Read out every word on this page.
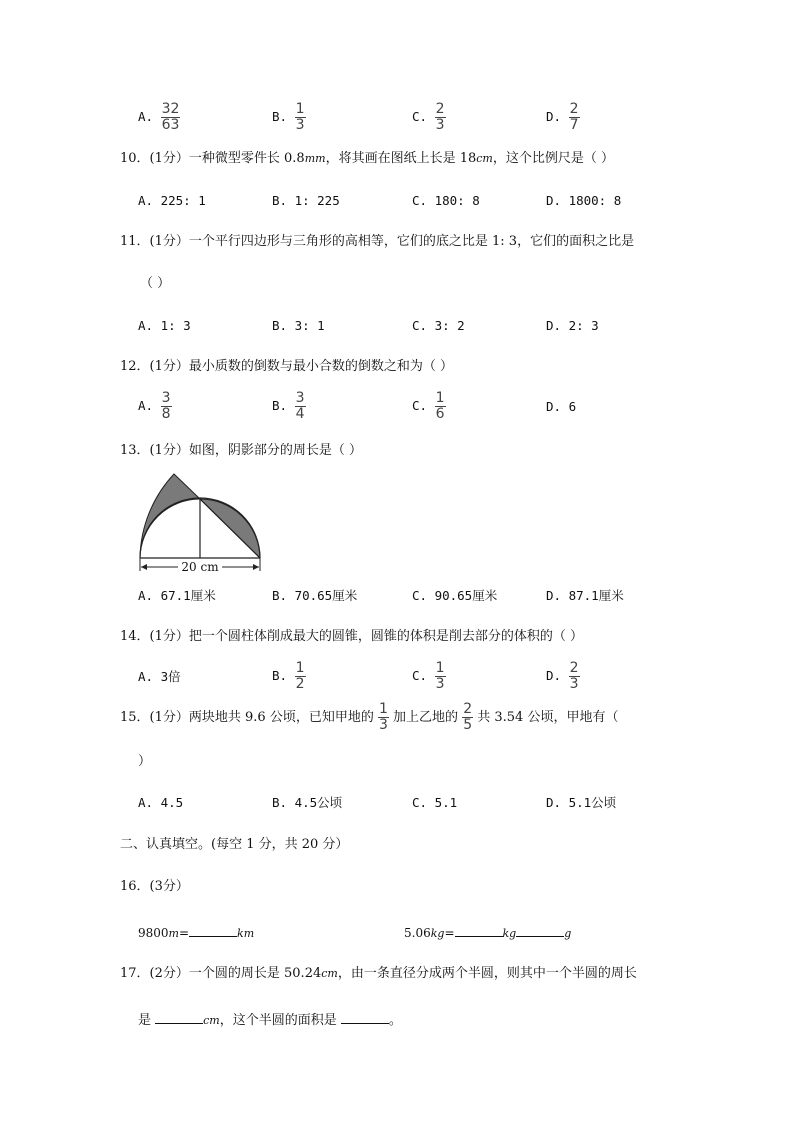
A. $\frac{32}{63}$	B. $\frac{1}{3}$	C. $\frac{2}{3}$	D. $\frac{2}{7}$
10．(1分）一种微型零件长 0.8mm，将其画在图纸上长是 18cm，这个比例尺是（ ）
A. 225: 1	B. 1: 225	C. 180: 8	D. 1800: 8
11．(1分）一个平行四边形与三角形的高相等，它们的底之比是 1: 3，它们的面积之比是
（ ）
A. 1: 3	B. 3: 1	C. 3: 2	D. 2: 3
12．(1分）最小质数的倒数与最小合数的倒数之和为（ ）
A. $\frac{3}{8}$	B. $\frac{3}{4}$	C. $\frac{1}{6}$	D. 6
13．(1分）如图，阴影部分的周长是（ ）
20 cm
A. 67.1厘米	B. 70.65厘米	C. 90.65厘米	D. 87.1厘米
14．(1分）把一个圆柱体削成最大的圆锥，圆锥的体积是削去部分的体积的（ ）
A. 3倍	B. $\frac{1}{2}$	C. $\frac{1}{3}$	D. $\frac{2}{3}$
15．(1分）两块地共 9.6 公顷，已知甲地的 $\frac{1}{3}$ 加上乙地的 $\frac{2}{5}$ 共 3.54 公顷，甲地有（
）
A. 4.5	B. 4.5公顷	C. 5.1	D. 5.1公顷
二、认真填空。(每空 1 分，共 20 分）
16．(3分）
9800m=	km	5.06kg=	kg	g
17．(2分）一个圆的周长是 50.24cm，由一条直径分成两个半圆，则其中一个半圆的周长
是	cm，这个半圆的面积是	。
